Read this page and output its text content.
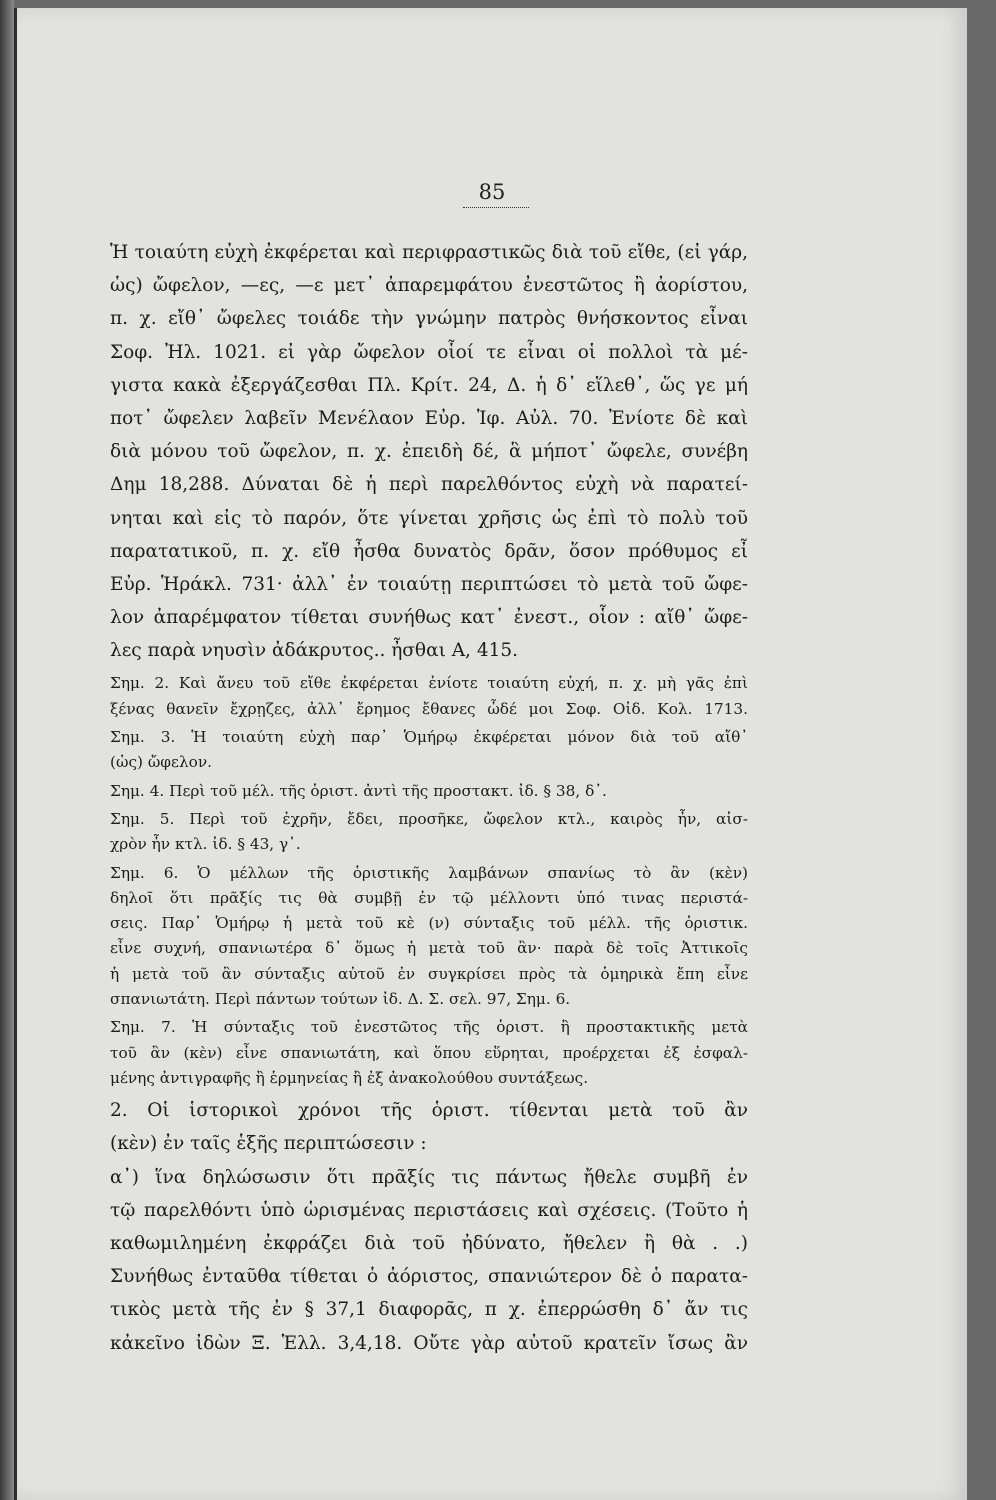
85
Ἡ τοιαύτη εὐχὴ ἐκφέρεται καὶ περιφραστικῶς διὰ τοῦ εἴθε, (εἰ γάρ,
ὡς) ὤφελον, —ες, —ε μετ᾽ ἀπαρεμφάτου ἐνεστῶτος ἢ ἀορίστου,
π. χ. εἴθ᾽ ὤφελες τοιάδε τὴν γνώμην πατρὸς θνήσκοντος εἶναι
Σοφ. Ἠλ. 1021. εἰ γὰρ ὤφελον οἷοί τε εἶναι οἱ πολλοὶ τὰ μέ-
γιστα κακὰ ἐξεργάζεσθαι Πλ. Κρίτ. 24, Δ. ἡ δ᾽ εἵλεθ᾽, ὥς γε μή
ποτ᾽ ὤφελεν λαβεῖν Μενέλαον Εὐρ. Ἰφ. Αὐλ. 70. Ἐνίοτε δὲ καὶ
διὰ μόνου τοῦ ὤφελον, π. χ. ἐπειδὴ δέ, ἃ μήποτ᾽ ὤφελε, συνέβη
Δημ 18,288. Δύναται δὲ ἡ περὶ παρελθόντος εὐχὴ νὰ παρατεί-
νηται καὶ εἰς τὸ παρόν, ὅτε γίνεται χρῆσις ὡς ἐπὶ τὸ πολὺ τοῦ
παρατατικοῦ, π. χ. εἴθ ἦσθα δυνατὸς δρᾶν, ὅσον πρόθυμος εἶ
Εὐρ. Ἡράκλ. 731· ἀλλ᾽ ἐν τοιαύτῃ περιπτώσει τὸ μετὰ τοῦ ὤφε-
λον ἀπαρέμφατον τίθεται συνήθως κατ᾽ ἐνεστ., οἷον : αἴθ᾽ ὤφε-
λες παρὰ νηυσὶν ἀδάκρυτος.. ἦσθαι Α, 415.
Σημ. 2. Καὶ ἄνευ τοῦ εἴθε ἐκφέρεται ἐνίοτε τοιαύτη εὐχή, π. χ. μὴ γᾶς ἐπὶ
ξένας θανεῖν ἔχρῃζες, ἀλλ᾽ ἔρημος ἔθανες ὧδέ μοι Σοφ. Οἰδ. Κολ. 1713.
Σημ. 3. Ἡ τοιαύτη εὐχὴ παρ᾽ Ὁμήρῳ ἐκφέρεται μόνον διὰ τοῦ αἴθ᾽
(ὡς) ὤφελον.
Σημ. 4. Περὶ τοῦ μέλ. τῆς ὁριστ. ἀντὶ τῆς προστακτ. ἰδ. § 38, δ᾽.
Σημ. 5. Περὶ τοῦ ἐχρῆν, ἔδει, προσῆκε, ὤφελον κτλ., καιρὸς ἦν, αἰσ-
χρὸν ἦν κτλ. ἰδ. § 43, γ᾽.
Σημ. 6. Ὁ μέλλων τῆς ὁριστικῆς λαμβάνων σπανίως τὸ ἂν (κὲν)
δηλοῖ ὅτι πρᾶξίς τις θὰ συμβῇ ἐν τῷ μέλλοντι ὑπό τινας περιστά-
σεις. Παρ᾽ Ὁμήρῳ ἡ μετὰ τοῦ κὲ (ν) σύνταξις τοῦ μέλλ. τῆς ὁριστικ.
εἶνε συχνή, σπανιωτέρα δ᾽ ὅμως ἡ μετὰ τοῦ ἂν· παρὰ δὲ τοῖς Ἀττικοῖς
ἡ μετὰ τοῦ ἂν σύνταξις αὐτοῦ ἐν συγκρίσει πρὸς τὰ ὁμηρικὰ ἔπη εἶνε
σπανιωτάτη. Περὶ πάντων τούτων ἰδ. Δ. Σ. σελ. 97, Σημ. 6.
Σημ. 7. Ἡ σύνταξις τοῦ ἐνεστῶτος τῆς ὁριστ. ἢ προστακτικῆς μετὰ
τοῦ ἂν (κὲν) εἶνε σπανιωτάτη, καὶ ὅπου εὕρηται, προέρχεται ἐξ ἐσφαλ-
μένης ἀντιγραφῆς ἢ ἑρμηνείας ἢ ἐξ ἀνακολούθου συντάξεως.
2. Οἱ ἱστορικοὶ χρόνοι τῆς ὁριστ. τίθενται μετὰ τοῦ ἂν
(κὲν) ἐν ταῖς ἑξῆς περιπτώσεσιν :
α᾽) ἵνα δηλώσωσιν ὅτι πρᾶξίς τις πάντως ἤθελε συμβῆ ἐν
τῷ παρελθόντι ὑπὸ ὡρισμένας περιστάσεις καὶ σχέσεις. (Τοῦτο ἡ
καθωμιλημένη ἐκφράζει διὰ τοῦ ἠδύνατο, ἤθελεν ἢ θὰ . .)
Συνήθως ἐνταῦθα τίθεται ὁ ἀόριστος, σπανιώτερον δὲ ὁ παρατα-
τικὸς μετὰ τῆς ἐν § 37,1 διαφορᾶς, π χ. ἐπερρώσθη δ᾽ ἄν τις
κἀκεῖνο ἰδὼν Ξ. Ἑλλ. 3,4,18. Οὔτε γὰρ αὐτοῦ κρατεῖν ἴσως ἂν
